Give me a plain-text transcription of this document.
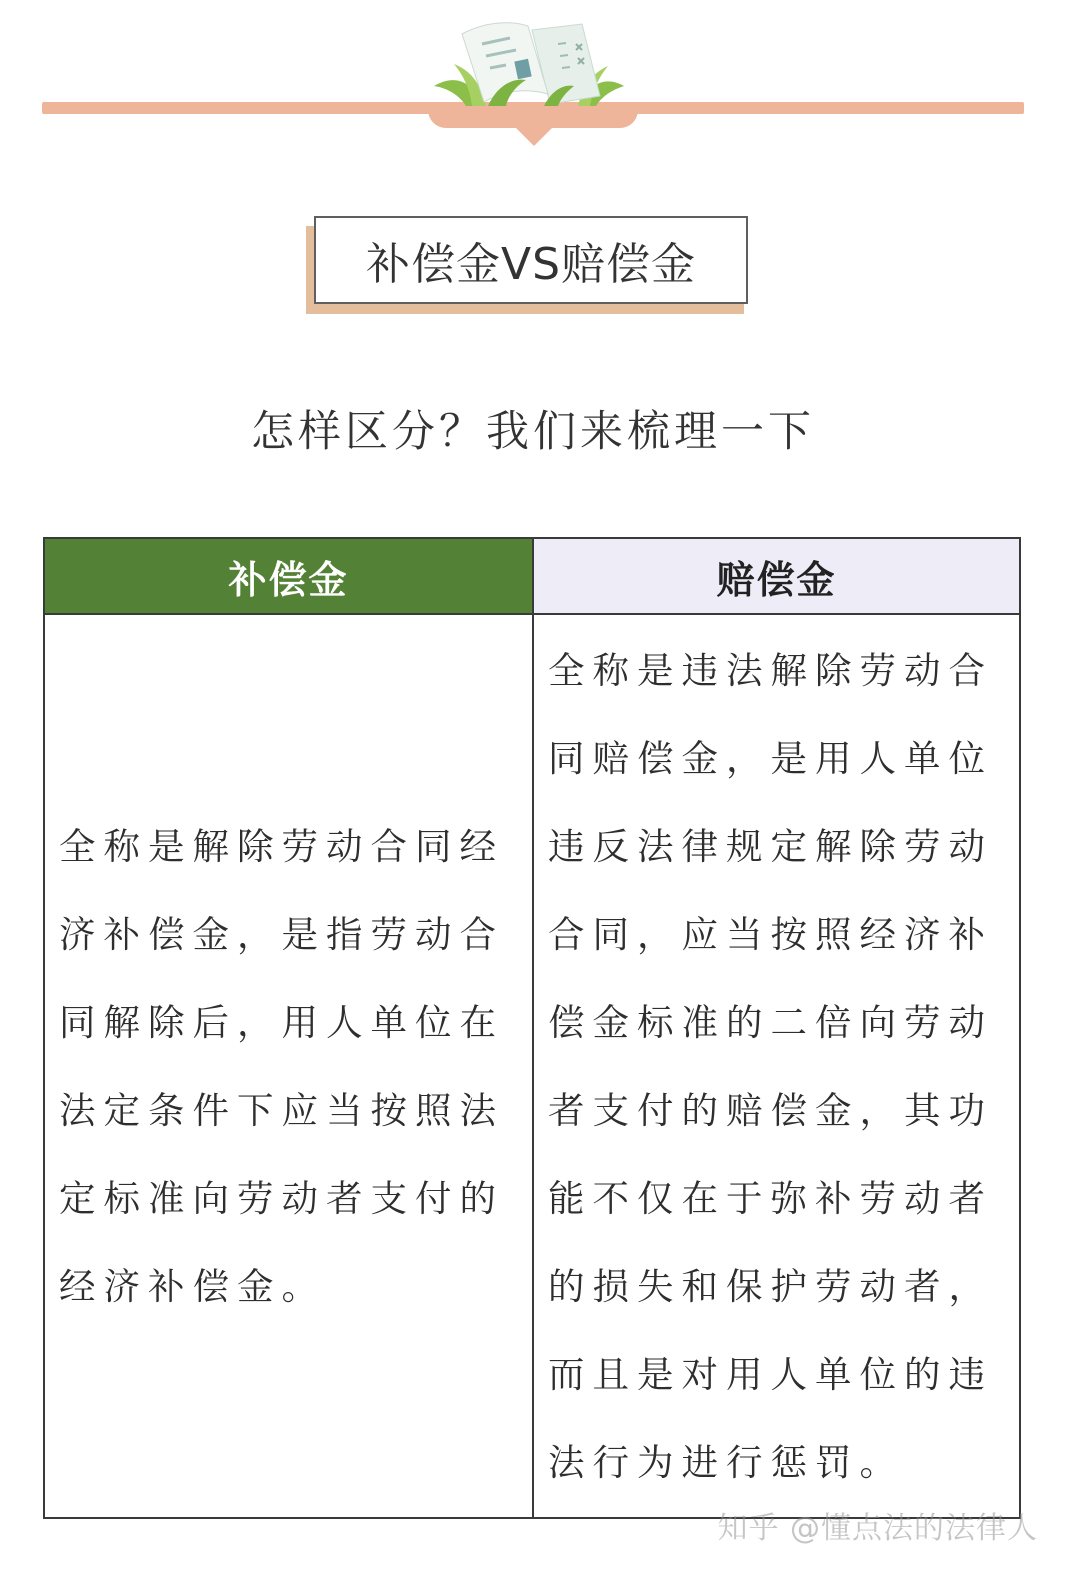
补偿金VS赔偿金
怎样区分？我们来梳理一下
补偿金	赔偿金
全称是解除劳动合同经济补偿金，是指劳动合同解除后，用人单位在法定条件下应当按照法定标准向劳动者支付的经济补偿金。
全称是违法解除劳动合同赔偿金，是用人单位违反法律规定解除劳动合同，应当按照经济补偿金标准的二倍向劳动者支付的赔偿金，其功能不仅在于弥补劳动者的损失和保护劳动者，而且是对用人单位的违法行为进行惩罚。
知乎 @懂点法的法律人
